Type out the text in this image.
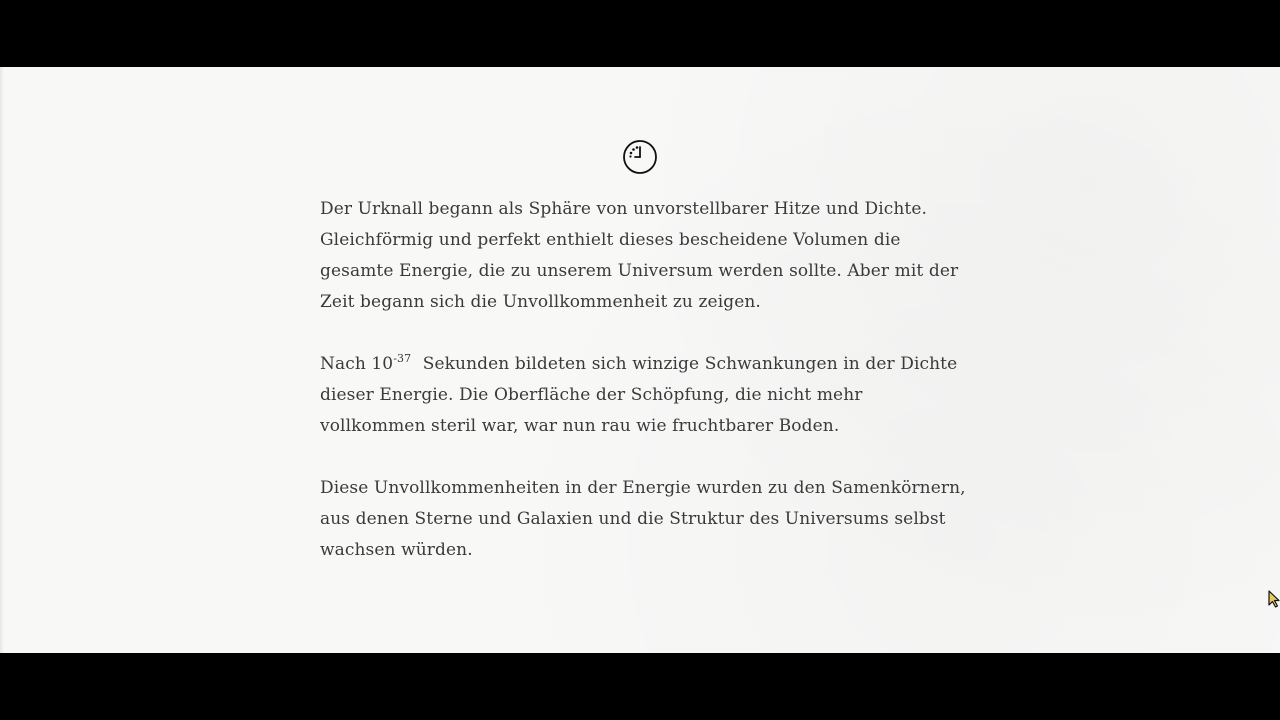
Der Urknall begann als Sphäre von unvorstellbarer Hitze und Dichte. Gleichförmig und perfekt enthielt dieses bescheidene Volumen die gesamte Energie, die zu unserem Universum werden sollte. Aber mit der Zeit begann sich die Unvollkommenheit zu zeigen.

Nach $10^{-37}$ Sekunden bildeten sich winzige Schwankungen in der Dichte dieser Energie. Die Oberfläche der Schöpfung, die nicht mehr vollkommen steril war, war nun rau wie fruchtbarer Boden.

Diese Unvollkommenheiten in der Energie wurden zu den Samenkörnern, aus denen Sterne und Galaxien und die Struktur des Universums selbst wachsen würden.
